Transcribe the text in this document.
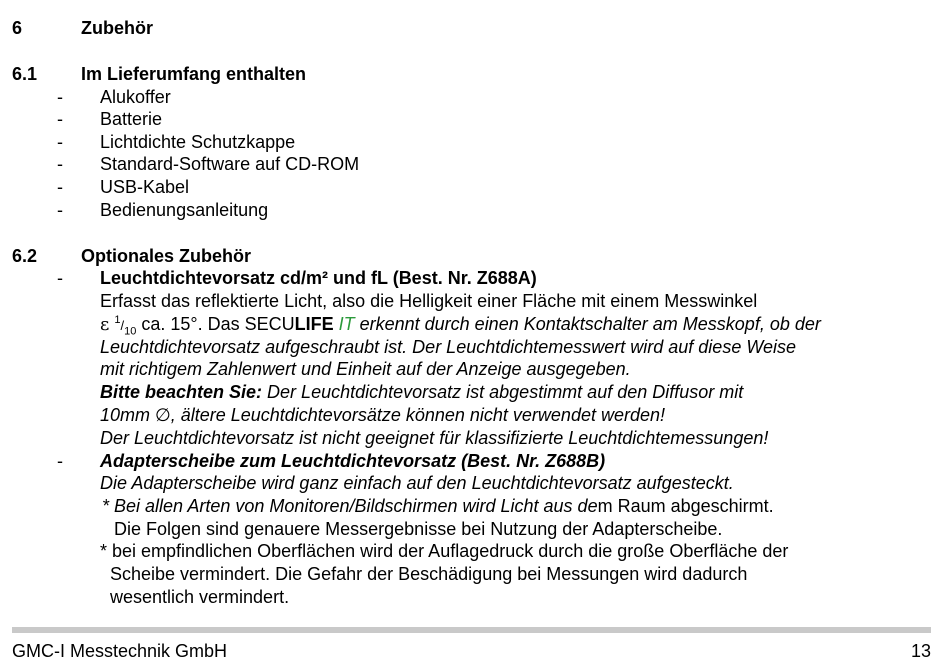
6	Zubehör
6.1 Im Lieferumfang enthalten
- Alukoffer
- Batterie
- Lichtdichte Schutzkappe
- Standard-Software auf CD-ROM
- USB-Kabel
- Bedienungsanleitung
6.2 Optionales Zubehör
- Leuchtdichtevorsatz cd/m² und fL (Best. Nr. Z688A)
Erfasst das reflektierte Licht, also die Helligkeit einer Fläche mit einem Messwinkel
ε $^1/_{10}$ ca. 15°. Das SECULIFE IT erkennt durch einen Kontaktschalter am Messkopf, ob der
Leuchtdichtevorsatz aufgeschraubt ist. Der Leuchtdichtemesswert wird auf diese Weise
mit richtigem Zahlenwert und Einheit auf der Anzeige ausgegeben.
Bitte beachten Sie: Der Leuchtdichtevorsatz ist abgestimmt auf den Diffusor mit
10mm ∅, ältere Leuchtdichtevorsätze können nicht verwendet werden!
Der Leuchtdichtevorsatz ist nicht geeignet für klassifizierte Leuchtdichtemessungen!
- Adapterscheibe zum Leuchtdichtevorsatz (Best. Nr. Z688B)
Die Adapterscheibe wird ganz einfach auf den Leuchtdichtevorsatz aufgesteckt.
* Bei allen Arten von Monitoren/Bildschirmen wird Licht aus dem Raum abgeschirmt.
Die Folgen sind genauere Messergebnisse bei Nutzung der Adapterscheibe.
* bei empfindlichen Oberflächen wird der Auflagedruck durch die große Oberfläche der
Scheibe vermindert. Die Gefahr der Beschädigung bei Messungen wird dadurch
wesentlich vermindert.
GMC-I Messtechnik GmbH	13
